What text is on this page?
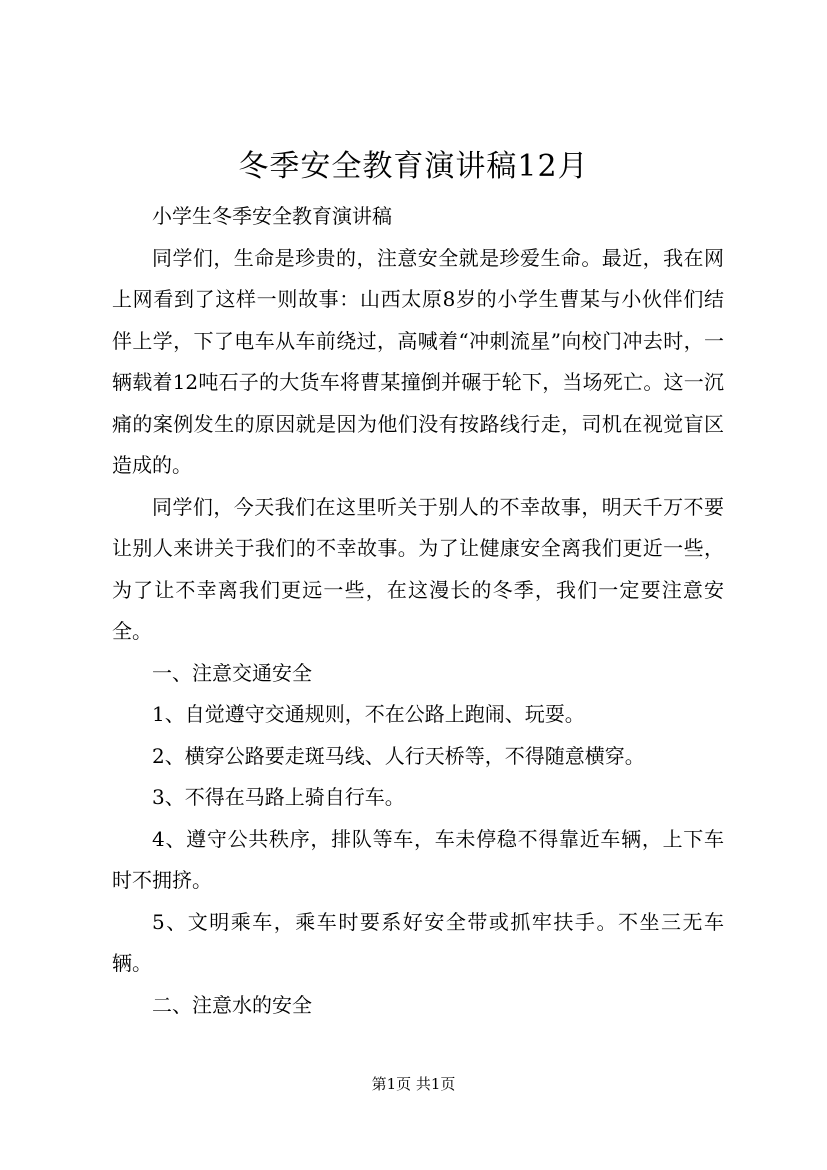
冬季安全教育演讲稿12月

小学生冬季安全教育演讲稿

同学们，生命是珍贵的，注意安全就是珍爱生命。最近，我在网上网看到了这样一则故事：山西太原8岁的小学生曹某与小伙伴们结伴上学，下了电车从车前绕过，高喊着“冲刺流星”向校门冲去时，一辆载着12吨石子的大货车将曹某撞倒并碾于轮下，当场死亡。这一沉痛的案例发生的原因就是因为他们没有按路线行走，司机在视觉盲区造成的。

同学们，今天我们在这里听关于别人的不幸故事，明天千万不要让别人来讲关于我们的不幸故事。为了让健康安全离我们更近一些，为了让不幸离我们更远一些，在这漫长的冬季，我们一定要注意安全。

一、注意交通安全

1、自觉遵守交通规则，不在公路上跑闹、玩耍。

2、横穿公路要走斑马线、人行天桥等，不得随意横穿。

3、不得在马路上骑自行车。

4、遵守公共秩序，排队等车，车未停稳不得靠近车辆，上下车时不拥挤。

5、文明乘车，乘车时要系好安全带或抓牢扶手。不坐三无车辆。

二、注意水的安全

第1页 共1页
